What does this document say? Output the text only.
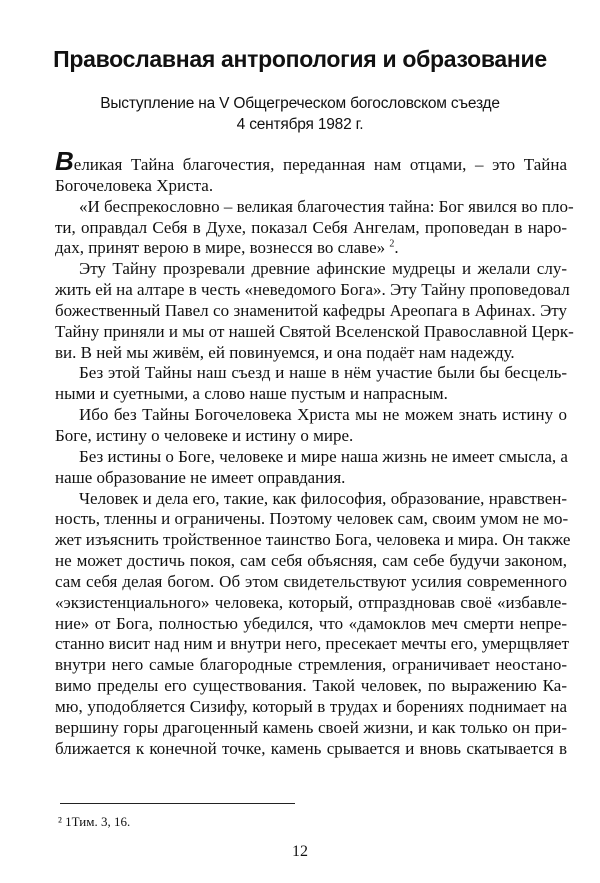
Православная антропология и образование
Выступление на V Общегреческом богословском съезде
4 сентября 1982 г.
Великая Тайна благочестия, переданная нам отцами, – это Тайна
Богочеловека Христа.
«И беспрекословно – великая благочестия тайна: Бог явился во пло-
ти, оправдал Себя в Духе, показал Себя Ангелам, проповедан в наро-
дах, принят верою в мире, вознесся во славе» $^2$.
Эту Тайну прозревали древние афинские мудрецы и желали слу-
жить ей на алтаре в честь «неведомого Бога». Эту Тайну проповедовал
божественный Павел со знаменитой кафедры Ареопага в Афинах. Эту
Тайну приняли и мы от нашей Святой Вселенской Православной Церк-
ви. В ней мы живём, ей повинуемся, и она подаёт нам надежду.
Без этой Тайны наш съезд и наше в нём участие были бы бесцель-
ными и суетными, а слово наше пустым и напрасным.
Ибо без Тайны Богочеловека Христа мы не можем знать истину о
Боге, истину о человеке и истину о мире.
Без истины о Боге, человеке и мире наша жизнь не имеет смысла, а
наше образование не имеет оправдания.
Человек и дела его, такие, как философия, образование, нравствен-
ность, тленны и ограничены. Поэтому человек сам, своим умом не мо-
жет изъяснить тройственное таинство Бога, человека и мира. Он также
не может достичь покоя, сам себя объясняя, сам себе будучи законом,
сам себя делая богом. Об этом свидетельствуют усилия современного
«экзистенциального» человека, который, отпраздновав своё «избавле-
ние» от Бога, полностью убедился, что «дамоклов меч смерти непре-
станно висит над ним и внутри него, пресекает мечты его, умерщвляет
внутри него самые благородные стремления, ограничивает неостано-
вимо пределы его существования. Такой человек, по выражению Ка-
мю, уподобляется Сизифу, который в трудах и борениях поднимает на
вершину горы драгоценный камень своей жизни, и как только он при-
ближается к конечной точке, камень срывается и вновь скатывается в
² 1Тим. 3, 16.
12
